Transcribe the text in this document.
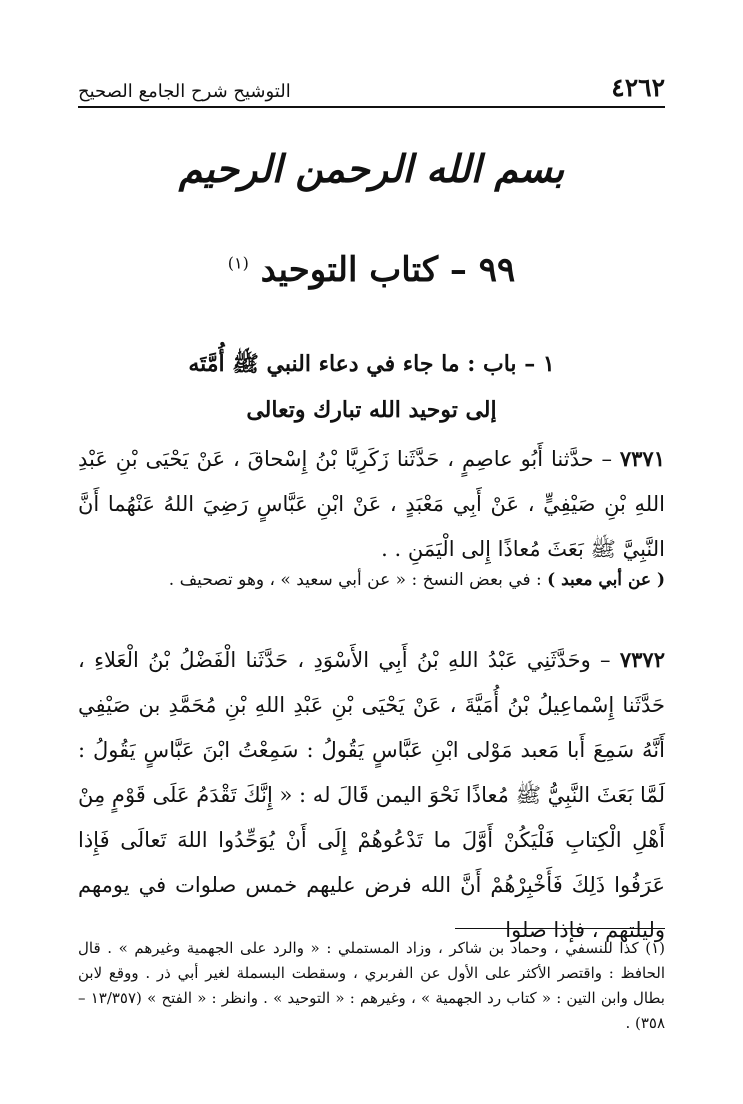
٤٢٦٢
التوشيح شرح الجامع الصحيح
بسم الله الرحمن الرحيم
٩٩ – كتاب التوحيد $^{(١)}$
١ – باب : ما جاء في دعاء النبي ﷺ أُمَّتَه
إلى توحيد الله تبارك وتعالى
٧٣٧١ – حدَّثنا أَبُو عاصِمٍ ، حَدَّثَنا زَكَرِيَّا بْنُ إِسْحاقَ ، عَنْ يَحْيَى بْنِ عَبْدِ اللهِ بْنِ صَيْفِيٍّ ، عَنْ أَبِي مَعْبَدٍ ، عَنْ ابْنِ عَبَّاسٍ رَضِيَ اللهُ عَنْهُما أَنَّ النَّبِيَّ ﷺ بَعَثَ مُعاذًا إِلى الْيَمَنِ . .
( عن أبي معبد ) : في بعض النسخ : « عن أبي سعيد » ، وهو تصحيف .
٧٣٧٢ – وحَدَّثَنِي عَبْدُ اللهِ بْنُ أَبِي الأَسْوَدِ ، حَدَّثَنا الْفَضْلُ بْنُ الْعَلاءِ ، حَدَّثَنا إِسْماعِيلُ بْنُ أُمَيَّةَ ، عَنْ يَحْيَى بْنِ عَبْدِ اللهِ بْنِ مُحَمَّدِ بن صَيْفِي أَنَّهُ سَمِعَ أَبا مَعبد مَوْلى ابْنِ عَبَّاسٍ يَقُولُ : سَمِعْتُ ابْنَ عَبَّاسٍ يَقُولُ : لَمَّا بَعَثَ النَّبِيُّ ﷺ مُعاذًا نَحْوَ اليمن قَالَ له : « إِنَّكَ تَقْدَمُ عَلَى قَوْمٍ مِنْ أَهْلِ الْكِتابِ فَلْيَكُنْ أَوَّلَ ما تَدْعُوهُمْ إِلَى أَنْ يُوَحِّدُوا اللهَ تَعالَى فَإِذا عَرَفُوا ذَلِكَ فَأَخْبِرْهُمْ أَنَّ الله فرض عليهم خمس صلوات في يومهم وليلتهم ، فإذا صلوا
(١) كذا للنسفي ، وحماد بن شاكر ، وزاد المستملي : « والرد على الجهمية وغيرهم » . قال الحافظ : واقتصر الأكثر على الأول عن الفربري ، وسقطت البسملة لغير أبي ذر . ووقع لابن بطال وابن التين : « كتاب رد الجهمية » ، وغيرهم : « التوحيد » . وانظر : « الفتح » (١٣/٣٥٧ – ٣٥٨) .
